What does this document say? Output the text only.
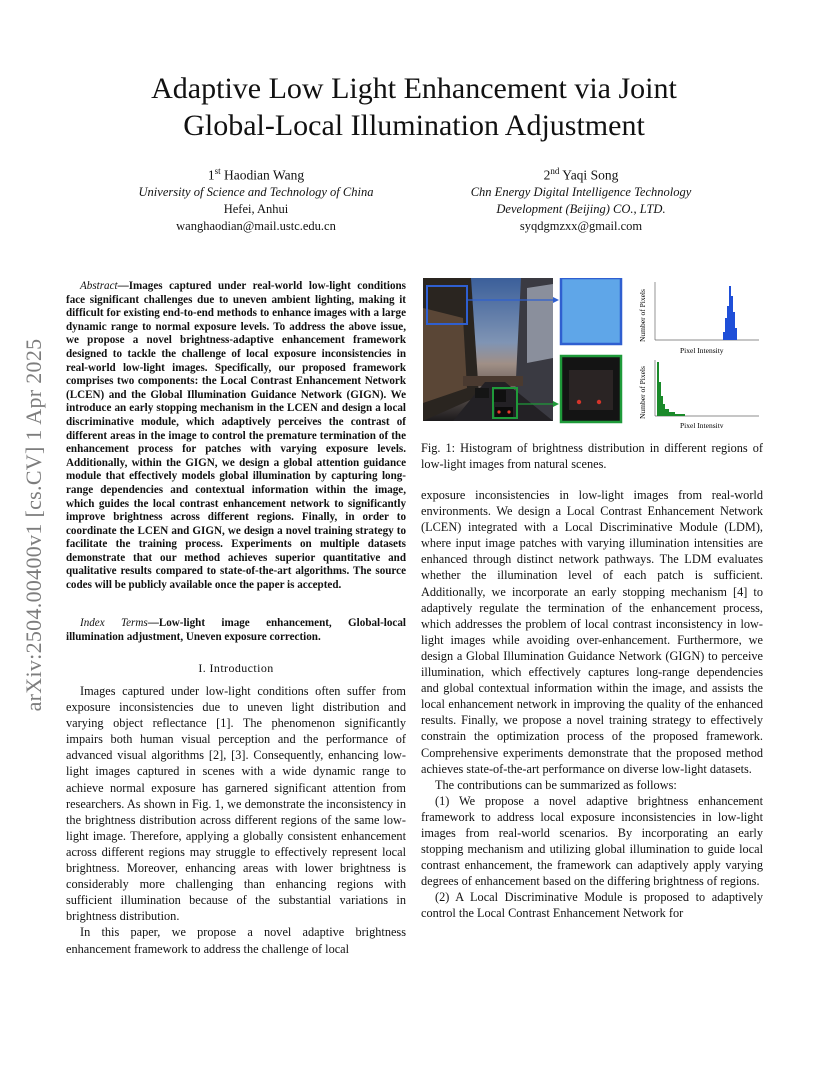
arXiv:2504.00400v1 [cs.CV] 1 Apr 2025
Adaptive Low Light Enhancement via Joint
Global-Local Illumination Adjustment
1st Haodian Wang
University of Science and Technology of China
Hefei, Anhui
wanghaodian@mail.ustc.edu.cn
2nd Yaqi Song
Chn Energy Digital Intelligence Technology
Development (Beijing) CO., LTD.
syqdgmzxx@gmail.com

Abstract—Images captured under real-world low-light conditions face significant challenges due to uneven ambient lighting, making it difficult for existing end-to-end methods to enhance images with a large dynamic range to normal exposure levels. To address the above issue, we propose a novel brightness-adaptive enhancement framework designed to tackle the challenge of local exposure inconsistencies in real-world low-light images. Specifically, our proposed framework comprises two components: the Local Contrast Enhancement Network (LCEN) and the Global Illumination Guidance Network (GIGN). We introduce an early stopping mechanism in the LCEN and design a local discriminative module, which adaptively perceives the contrast of different areas in the image to control the premature termination of the enhancement process for patches with varying exposure levels. Additionally, within the GIGN, we design a global attention guidance module that effectively models global illumination by capturing long-range dependencies and contextual information within the image, which guides the local contrast enhancement network to significantly improve brightness across different regions. Finally, in order to coordinate the LCEN and GIGN, we design a novel training strategy to facilitate the training process. Experiments on multiple datasets demonstrate that our method achieves superior quantitative and qualitative results compared to state-of-the-art algorithms. The source codes will be publicly available once the paper is accepted.

Index Terms—Low-light image enhancement, Global-local illumination adjustment, Uneven exposure correction.

I. Introduction

Images captured under low-light conditions often suffer from exposure inconsistencies due to uneven light distribution and varying object reflectance [1]. The phenomenon significantly impairs both human visual perception and the performance of advanced visual algorithms [2], [3]. Consequently, enhancing low-light images captured in scenes with a wide dynamic range to achieve normal exposure has garnered significant attention from researchers. As shown in Fig. 1, we demonstrate the inconsistency in the brightness distribution across different regions of the same low-light image. Therefore, applying a globally consistent enhancement across different regions may struggle to effectively represent local brightness. Moreover, enhancing areas with lower brightness is considerably more challenging than enhancing regions with sufficient illumination because of the substantial variations in brightness distribution.

In this paper, we propose a novel adaptive brightness enhancement framework to address the challenge of local

Number of Pixels
Pixel Intensity
Number of Pixels
Pixel Intensity
Fig. 1: Histogram of brightness distribution in different regions of low-light images from natural scenes.

exposure inconsistencies in low-light images from real-world environments. We design a Local Contrast Enhancement Network (LCEN) integrated with a Local Discriminative Module (LDM), where input image patches with varying illumination intensities are enhanced through distinct network pathways. The LDM evaluates whether the illumination level of each patch is sufficient. Additionally, we incorporate an early stopping mechanism [4] to adaptively regulate the termination of the enhancement process, which addresses the problem of local contrast inconsistency in low-light images while avoiding over-enhancement. Furthermore, we design a Global Illumination Guidance Network (GIGN) to perceive illumination, which effectively captures long-range dependencies and global contextual information within the image, and assists the local enhancement network in improving the quality of the enhanced results. Finally, we propose a novel training strategy to effectively constrain the optimization process of the proposed framework. Comprehensive experiments demonstrate that the proposed method achieves state-of-the-art performance on diverse low-light datasets.

The contributions can be summarized as follows:

(1) We propose a novel adaptive brightness enhancement framework to address local exposure inconsistencies in low-light images from real-world scenarios. By incorporating an early stopping mechanism and utilizing global illumination to guide local contrast enhancement, the framework can adaptively apply varying degrees of enhancement based on the differing brightness of regions.

(2) A Local Discriminative Module is proposed to adaptively control the Local Contrast Enhancement Network for
